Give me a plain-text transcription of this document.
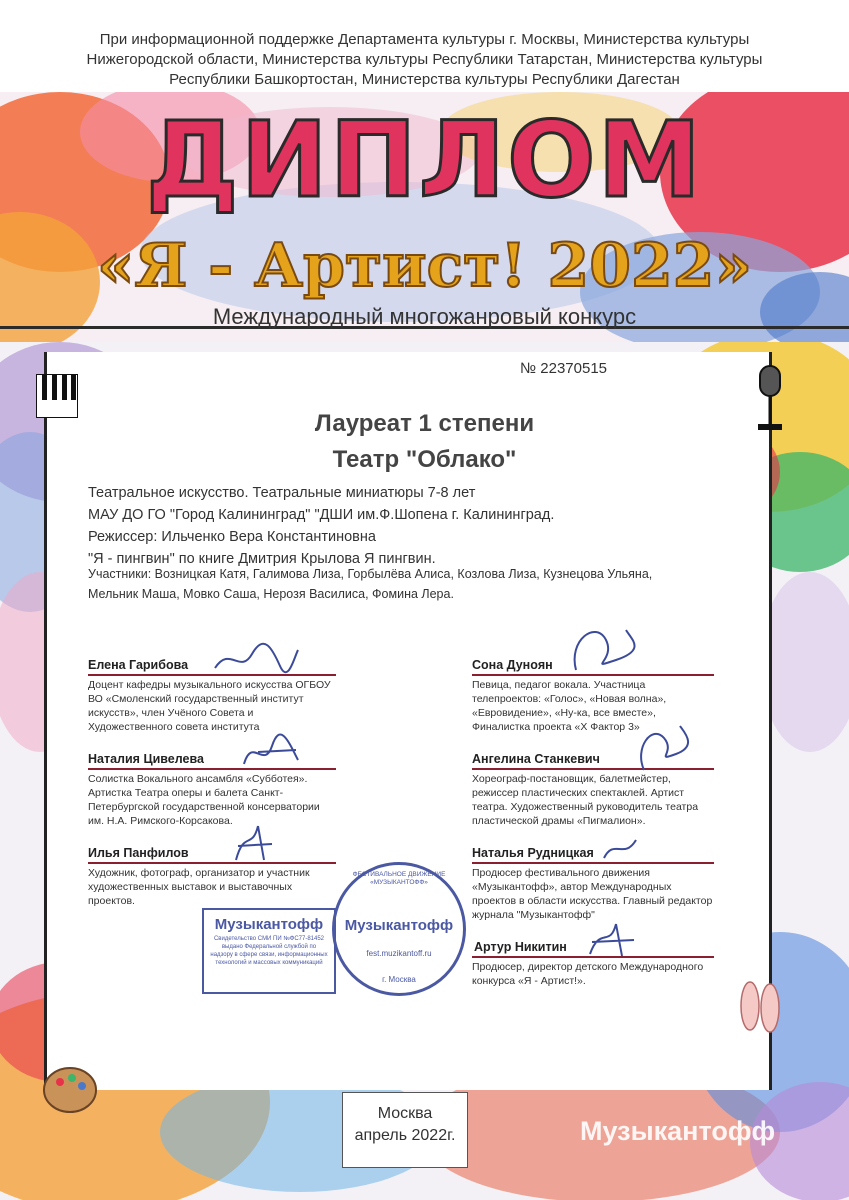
При информационной поддержке Департамента культуры г. Москвы, Министерства культуры
Нижегородской области, Министерства культуры Республики Татарстан, Министерства культуры
Республики Башкортостан, Министерства культуры Республики Дагестан
ДИПЛОМ
«Я - Артист! 2022»
Международный многожанровый конкурс
№ 22370515
Лауреат 1 степени
Театр "Облако"
Театральное искусство. Театральные миниатюры 7-8 лет
МАУ ДО ГО "Город Калининград" "ДШИ им.Ф.Шопена г. Калининград.
Режиссер: Ильченко Вера Константиновна
"Я - пингвин" по книге Дмитрия Крылова Я пингвин.
Участники: Возницкая Катя, Галимова Лиза, Горбылёва Алиса, Козлова Лиза, Кузнецова Ульяна, Мельник Маша, Мовко Саша, Нерозя Василиса, Фомина Лера.
Елена Гарибова
Доцент кафедры музыкального искусства ОГБОУ ВО «Смоленский государственный институт искусств», член Учёного Совета и Художественного совета института
Наталия Цивелева
Солистка Вокального ансамбля «Субботея». Артистка Театра оперы и балета Санкт-Петербургской государственной консерватории им. Н.А. Римского-Корсакова.
Илья Панфилов
Художник, фотограф, организатор и участник художественных выставок и выставочных проектов.
Сона Дунoян
Певица, педагог вокала. Участница телепроектов: «Голос», «Новая волна», «Евровидение», «Ну-ка, все вместе», Финалистка проекта «Х Фактор 3»
Ангелина Станкевич
Хореограф-постановщик, балетмейстер, режиссер пластических спектаклей. Артист театра. Художественный руководитель театра пластической драмы «Пигмалион».
Наталья Рудницкая
Продюсер фестивального движения «Музыкантофф», автор Международных проектов в области искусства. Главный редактор журнала "Музыкантофф"
Артур Никитин
Продюсер, директор детского Международного конкурса «Я - Артист!».
Музыкантофф
Свидетельство СМИ ПИ №ФС77-81452 выдано Федеральной службой по надзору в сфере связи, информационных технологий и массовых коммуникаций
ФЕСТИВАЛЬНОЕ ДВИЖЕНИЕ «МУЗЫКАНТОФФ»
Музыкантофф
fest.muzikantoff.ru
г. Москва
Москва
апрель 2022г.	Музыкантофф
